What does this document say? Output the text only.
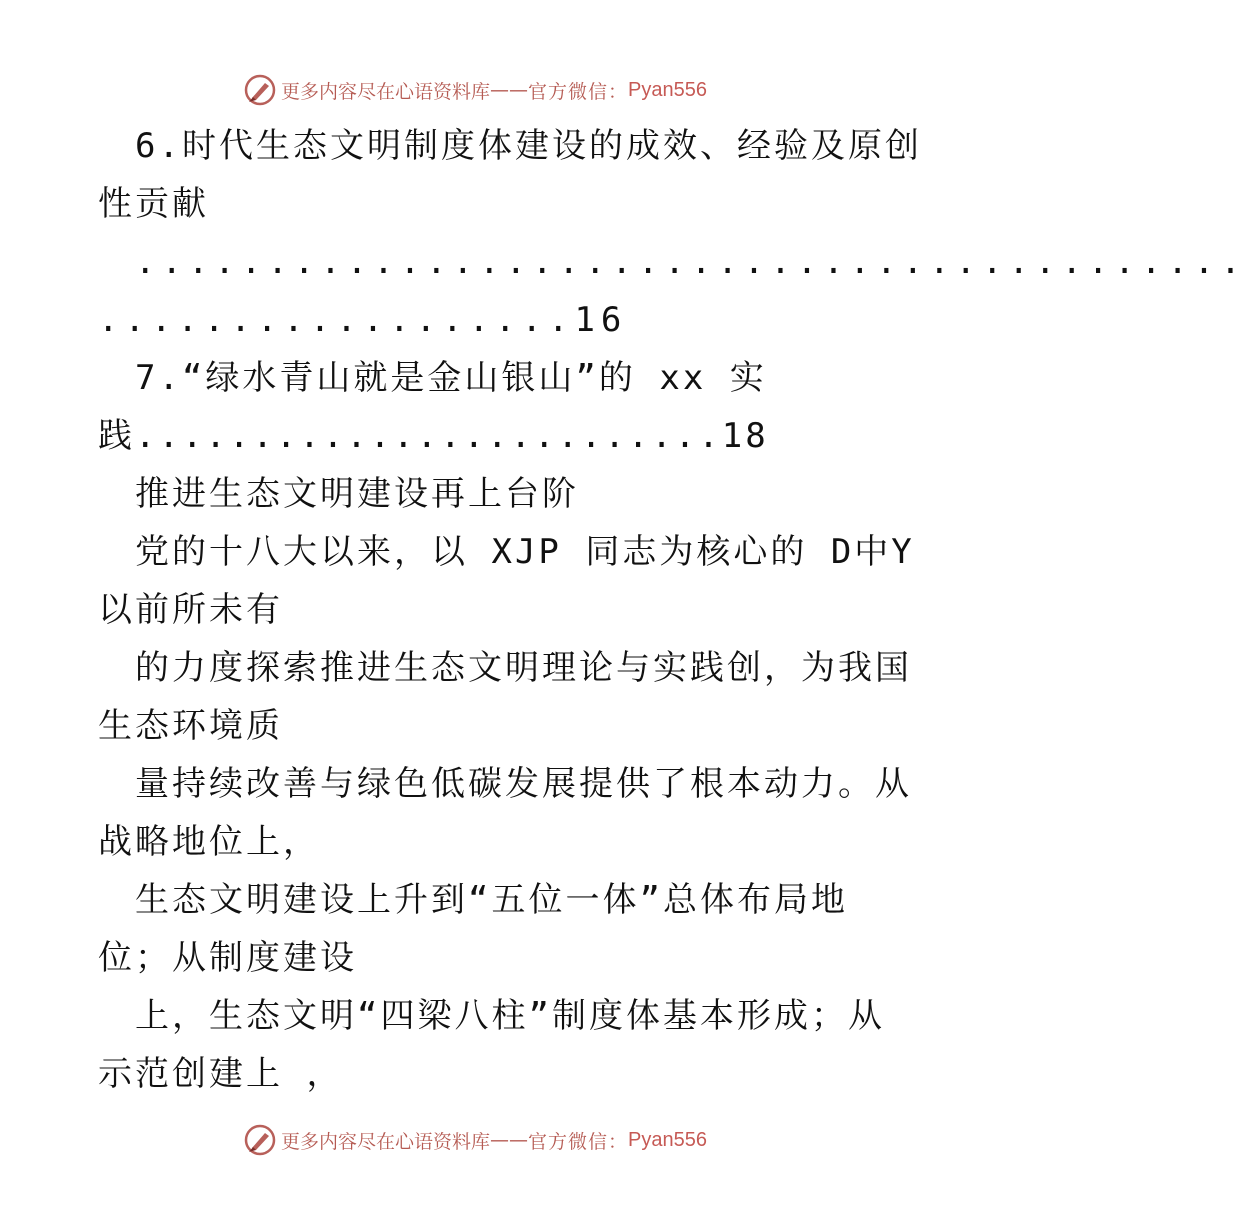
更多内容尽在心语资料库 —— 官方微信： Pyan556
6.时代生态文明制度体建设的成效、经验及原创
性贡献
..........................................
..................16
7.“绿水青山就是金山银山”的 xx 实
践.........................18
推进生态文明建设再上台阶
党的十八大以来，以 XJP 同志为核心的 D中Y
以前所未有
的力度探索推进生态文明理论与实践创，为我国
生态环境质
量持续改善与绿色低碳发展提供了根本动力。从
战略地位上，
生态文明建设上升到“五位一体”总体布局地
位；从制度建设
上，生态文明“四梁八柱”制度体基本形成；从
示范创建上 ，
更多内容尽在心语资料库 —— 官方微信： Pyan556
